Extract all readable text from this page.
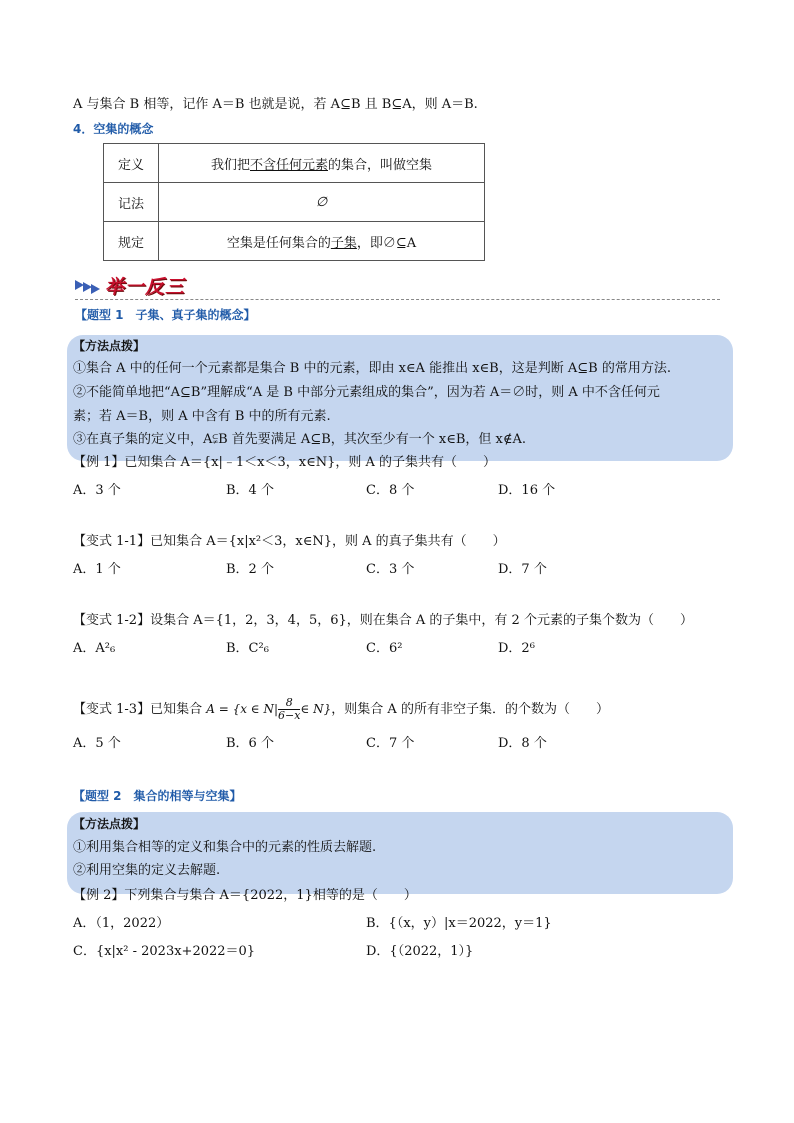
A 与集合 B 相等，记作 A＝B 也就是说，若 A⊆B 且 B⊆A，则 A＝B.
4．空集的概念
定义	我们把不含任何元素的集合，叫做空集
记法	∅
规定	空集是任何集合的子集，即∅⊆A
举一反三
【题型 1　子集、真子集的概念】
【方法点拨】
①集合 A 中的任何一个元素都是集合 B 中的元素，即由 x∈A 能推出 x∈B，这是判断 A⊆B 的常用方法.
②不能简单地把“A⊆B”理解成“A 是 B 中部分元素组成的集合”，因为若 A＝∅时，则 A 中不含任何元
素；若 A＝B，则 A 中含有 B 中的所有元素.
③在真子集的定义中，A⫋B 首先要满足 A⊆B，其次至少有一个 x∈B，但 x∉A.
【例 1】已知集合 A＝{x|﹣1＜x＜3，x∈N}，则 A 的子集共有（　　）
A．3 个	B．4 个	C．8 个	D．16 个
【变式 1-1】已知集合 A＝{x|x²＜3，x∈N}，则 A 的真子集共有（　　）
A．1 个	B．2 个	C．3 个	D．7 个
【变式 1-2】设集合 A＝{1，2，3，4，5，6}，则在集合 A 的子集中，有 2 个元素的子集个数为（　　）
A．A²₆	B．C²₆	C．6²	D．2⁶
【变式 1-3】已知集合 A = {x ∈ $N| \frac{8}{6-x}$ ∈ N}，则集合 A 的所有非空子集．的个数为（　　）
A．5 个	B．6 个	C．7 个	D．8 个
【题型 2　集合的相等与空集】
【方法点拨】
①利用集合相等的定义和集合中的元素的性质去解题.
②利用空集的定义去解题.
【例 2】下列集合与集合 A＝{2022，1}相等的是（　　）
A．（1，2022）	B．{（x，y）|x＝2022，y＝1}
C．{x|x² - 2023x+2022＝0}	D．{（2022，1）}
